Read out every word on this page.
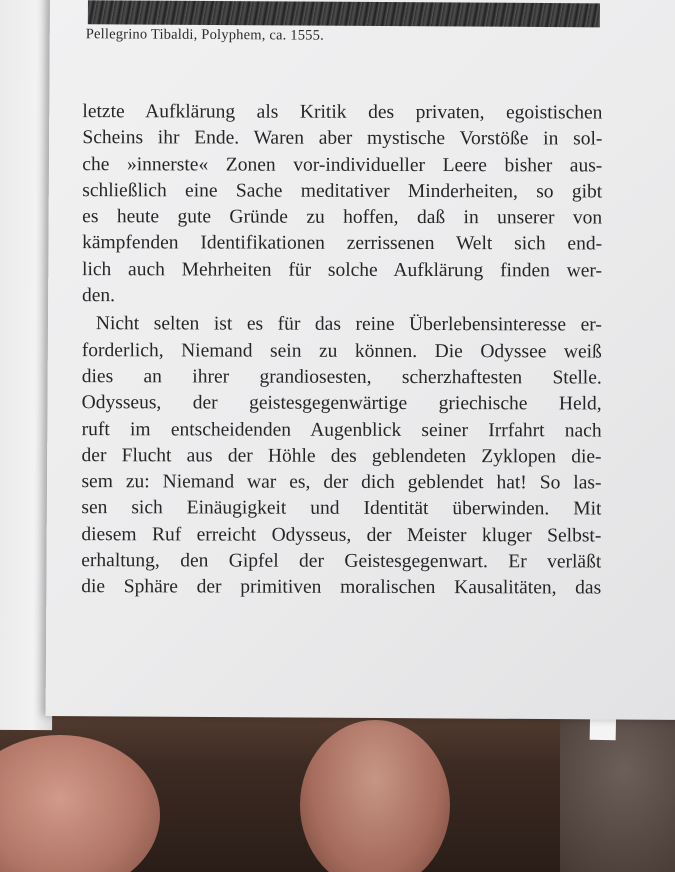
Pellegrino Tibaldi, Polyphem, ca. 1555.
letzte Aufklärung als Kritik des privaten, egoistischen
Scheins ihr Ende. Waren aber mystische Vorstöße in sol-
che »innerste« Zonen vor-individueller Leere bisher aus-
schließlich eine Sache meditativer Minderheiten, so gibt
es heute gute Gründe zu hoffen, daß in unserer von
kämpfenden Identifikationen zerrissenen Welt sich end-
lich auch Mehrheiten für solche Aufklärung finden wer-
den.
Nicht selten ist es für das reine Überlebensinteresse er-
forderlich, Niemand sein zu können. Die Odyssee weiß
dies an ihrer grandiosesten, scherzhaftesten Stelle.
Odysseus, der geistesgegenwärtige griechische Held,
ruft im entscheidenden Augenblick seiner Irrfahrt nach
der Flucht aus der Höhle des geblendeten Zyklopen die-
sem zu: Niemand war es, der dich geblendet hat! So las-
sen sich Einäugigkeit und Identität überwinden. Mit
diesem Ruf erreicht Odysseus, der Meister kluger Selbst-
erhaltung, den Gipfel der Geistesgegenwart. Er verläßt
die Sphäre der primitiven moralischen Kausalitäten, das
